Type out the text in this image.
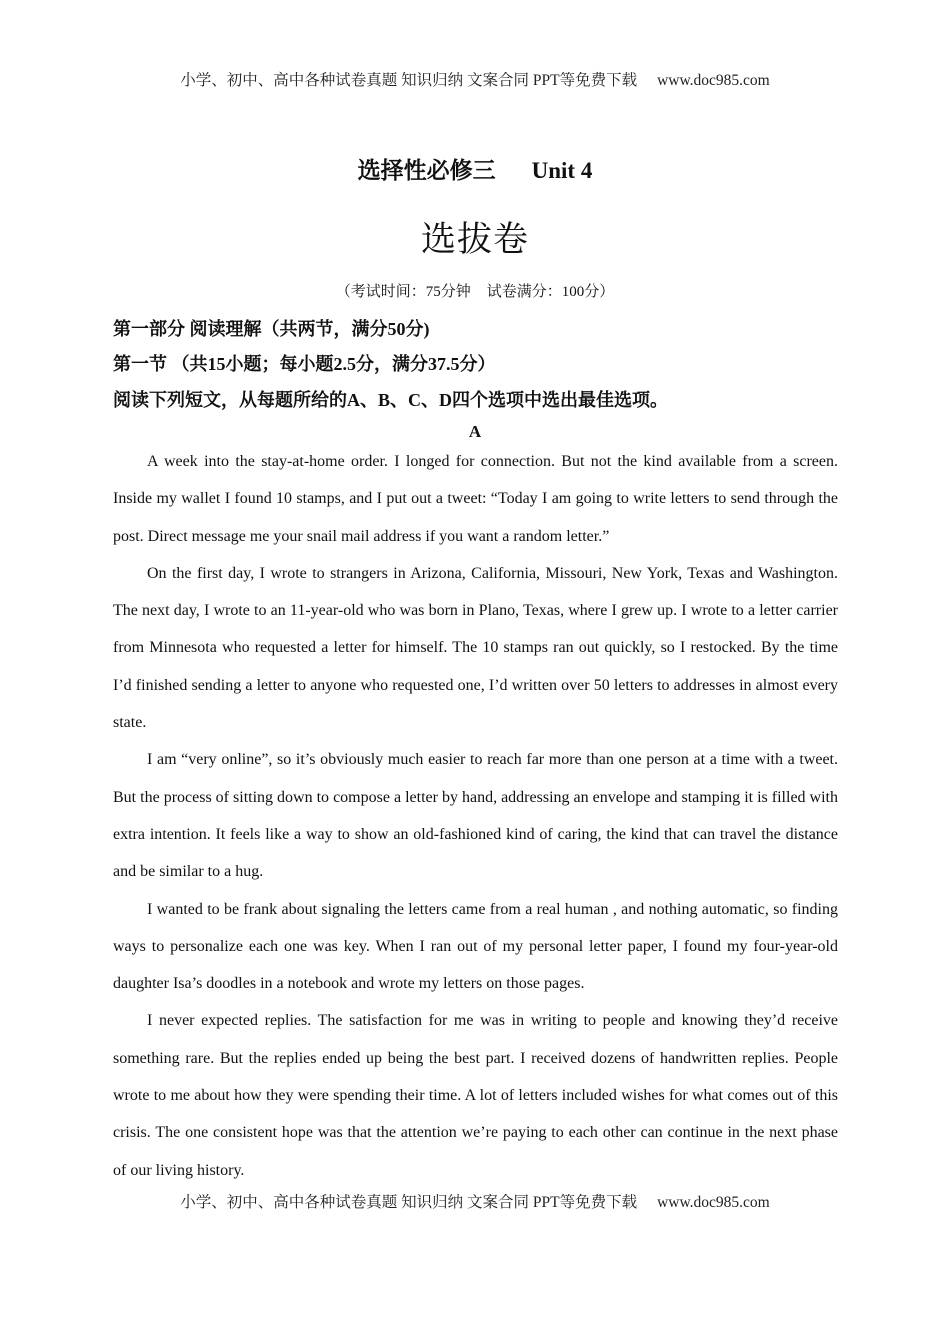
小学、初中、高中各种试卷真题 知识归纳 文案合同 PPT等免费下载 www.doc985.com
选择性必修三 Unit 4
选拔卷
（考试时间：75分钟 试卷满分：100分）
第一部分 阅读理解（共两节，满分50分)
第一节 （共15小题；每小题2.5分，满分37.5分）
阅读下列短文，从每题所给的A、B、C、D四个选项中选出最佳选项。
A

A week into the stay-at-home order. I longed for connection. But not the kind available from a screen. Inside my wallet I found 10 stamps, and I put out a tweet: “Today I am going to write letters to send through the post. Direct message me your snail mail address if you want a random letter.”

On the first day, I wrote to strangers in Arizona, California, Missouri, New York, Texas and Washington. The next day, I wrote to an 11-year-old who was born in Plano, Texas, where I grew up. I wrote to a letter carrier from Minnesota who requested a letter for himself. The 10 stamps ran out quickly, so I restocked. By the time I’d finished sending a letter to anyone who requested one, I’d written over 50 letters to addresses in almost every state.

I am “very online”, so it’s obviously much easier to reach far more than one person at a time with a tweet. But the process of sitting down to compose a letter by hand, addressing an envelope and stamping it is filled with extra intention. It feels like a way to show an old-fashioned kind of caring, the kind that can travel the distance and be similar to a hug.

I wanted to be frank about signaling the letters came from a real human , and nothing automatic, so finding ways to personalize each one was key. When I ran out of my personal letter paper, I found my four-year-old daughter Isa’s doodles in a notebook and wrote my letters on those pages.

I never expected replies. The satisfaction for me was in writing to people and knowing they’d receive something rare. But the replies ended up being the best part. I received dozens of handwritten replies. People wrote to me about how they were spending their time. A lot of letters included wishes for what comes out of this crisis. The one consistent hope was that the attention we’re paying to each other can continue in the next phase of our living history.

小学、初中、高中各种试卷真题 知识归纳 文案合同 PPT等免费下载 www.doc985.com
